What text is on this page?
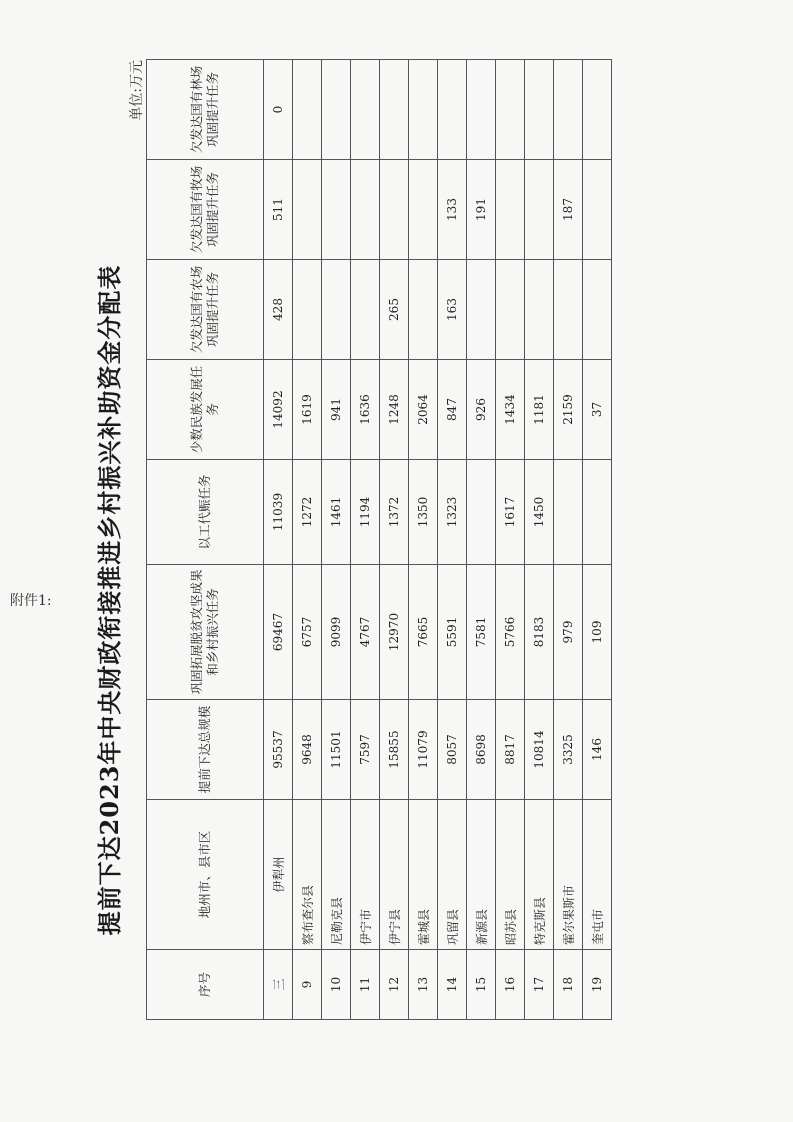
提前下达2023年中央财政衔接推进乡村振兴补助资金分配表
单位:万元
序号	地州市、县市区	提前下达总规模	巩固拓展脱贫攻坚成果和乡村振兴任务	以工代赈任务	少数民族发展任务	欠发达国有农场巩固提升任务	欠发达国有牧场巩固提升任务	欠发达国有林场巩固提升任务
三	伊犁州	95537	69467	11039	14092	428	511	0
9	察布查尔县	9648	6757	1272	1619			
10	尼勒克县	11501	9099	1461	941			
11	伊宁市	7597	4767	1194	1636			
12	伊宁县	15855	12970	1372	1248	265		
13	霍城县	11079	7665	1350	2064			
14	巩留县	8057	5591	1323	847	163	133	
15	新源县	8698	7581		926		191	
16	昭苏县	8817	5766	1617	1434			
17	特克斯县	10814	8183	1450	1181			
18	霍尔果斯市	3325	979		2159		187	
19	奎屯市	146	109		37			
附件1:
